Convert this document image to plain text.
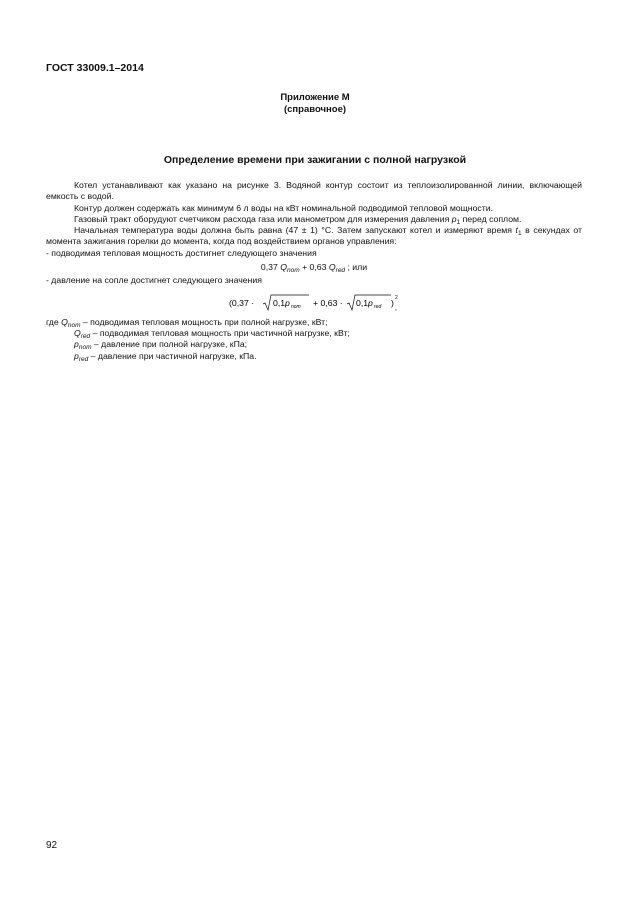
ГОСТ 33009.1–2014
Приложение М
(справочное)
Определение времени при зажигании с полной нагрузкой

Котел устанавливают как указано на рисунке 3. Водяной контур состоит из теплоизолированной линии, включающей емкость с водой.

Контур должен содержать как минимум 6 л воды на кВт номинальной подводимой тепловой мощности.

Газовый тракт оборудуют счетчиком расхода газа или манометром для измерения давления $p_1$ перед соплом.

Начальная температура воды должна быть равна (47 ± 1) °С. Затем запускают котел и измеряют время $t_1$ в секундах от момента зажигания горелки до момента, когда под воздействием органов управления:

- подводимая тепловая мощность достигнет следующего значения

0,37 $Q_{nom} + 0,63$ $Q_{red}$ ; или

- давление на сопле достигнет следующего значения

(0,37 · 0,1 p nom + 0,63 · 0,1 p red ) 2
,

где $Q_{nom}$ – подводимая тепловая мощность при полной нагрузке, кВт;

$Q_{red}$ – подводимая тепловая мощность при частичной нагрузке, кВт;

$p_{nom}$ – давление при полной нагрузке, кПа;

$p_{red}$ – давление при частичной нагрузке, кПа.

92
